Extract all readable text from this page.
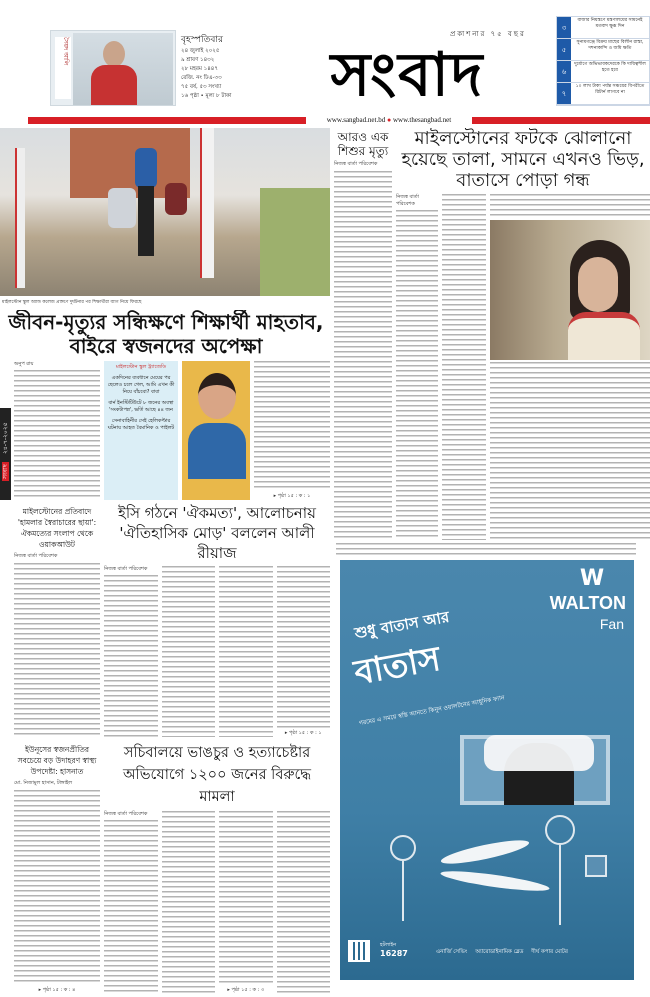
সৈয়দ আলি	বৃহস্পতিবার
২৪ জুলাই ২০২৫
৯ শ্রাবণ ১৪৩২
২৮ মহরম ১৪৪৭
রেজি. নং ঢিএ-৩৩
৭৫ বর্ষ, ৫৩ সংখ্যা
১৬ পৃষ্ঠা • মূল্য ৮ টাকা
প্রকাশনার ৭৫ বছর
সংবাদ
৩
বাজার নিয়ন্ত্রণে মন্ত্রণালয়ের সামনেই মতবাদ ক্ষুব্ধ দিন
৫
সুনামগঞ্জে বিক্রয় মাছের বিলীন রাস্তা, দশনাকান্দি ও জমি ক্ষতি
৬
দুর্যোগে অভিভাবকদেরকে কি দায়িত্বশীল হতে হবে
৭
১০ লাখ টাকা পর্যন্ত সঞ্চয়ের বিপরীতে রিটার্ন লাগবে না
www.sangbad.net.bd ● www.thesangbad.net
মাইলস্টোন স্কুল অ্যান্ড কলেজ প্রাঙ্গণে দুর্ঘটনার পর শিক্ষার্থীরা ব্যাগ নিয়ে ফিরছে
আরও এক শিশুর মৃত্যু
নিজস্ব বার্তা পরিবেশক
মাইলস্টোনের ফটকে ঝোলানো হয়েছে তালা, সামনে এখনও ভিড়, বাতাসে পোড়া গন্ধ
নিজস্ব বার্তা পরিবেশক
জীবন-মৃত্যুর সন্ধিক্ষণে শিক্ষার্থী মাহতাব, বাইরে স্বজনদের অপেক্ষা
অনুপ রায়	মাইলস্টোন স্কুল ট্র্যাজেডি
একদিনের ব্যবধানে মেয়ের পর ছেলেও চলে গেল, আমি এখন কী নিয়ে বাঁচবো? বাবা
বার্ন ইনস্টিটিউটে ৮ জনের অবস্থা 'সংকটাপন্ন', ভর্তি আছে ৪৪ জন
সেনাবাহিনীর সেই হেলিকপ্টার ঘটনায় আহত বৈমানিক ও পাইলট
▸ পৃষ্ঠা ১৫ : ক : ১
সংবাদ ২৪-৭-২০২৫
মাইলস্টোনের প্রতিবাদে 'হামলার স্বৈরাচারের ছায়া': ঐকমত্যের সংলাপ থেকে ওয়াকআউট
নিজস্ব বার্তা পরিবেশক
ইসি গঠনে 'ঐকমত্য', আলোচনায় 'ঐতিহাসিক মোড়' বললেন আলী রীয়াজ
নিজস্ব বার্তা পরিবেশক
▸ পৃষ্ঠা ১৫ : ক : ১
ইউনূসের স্বজনপ্রীতির সবচেয়ে বড় উদাহরণ স্বাস্থ্য উপদেষ্টা: হাসনাত
মো. নিজামুল হাসান, টাঙ্গাইল
▸ পৃষ্ঠা ১৫ : ক : ৪
সচিবালয়ে ভাঙচুর ও হত্যাচেষ্টার অভিযোগে ১২০০ জনের বিরুদ্ধে মামলা
নিজস্ব বার্তা পরিবেশক
▸ পৃষ্ঠা ১৫ : ক : ৩
W
WALTON
Fan
শুধু বাতাস আর
বাতাস
গরমের এ সময়ে স্বস্তি আনতে কিনুন ওয়ালটনের আধুনিক ফ্যান
হটলাইন
16287	এনার্জি সেভিং অ্যারোডাইনামিক ব্লেড দীর্ঘ কপার মোটর
